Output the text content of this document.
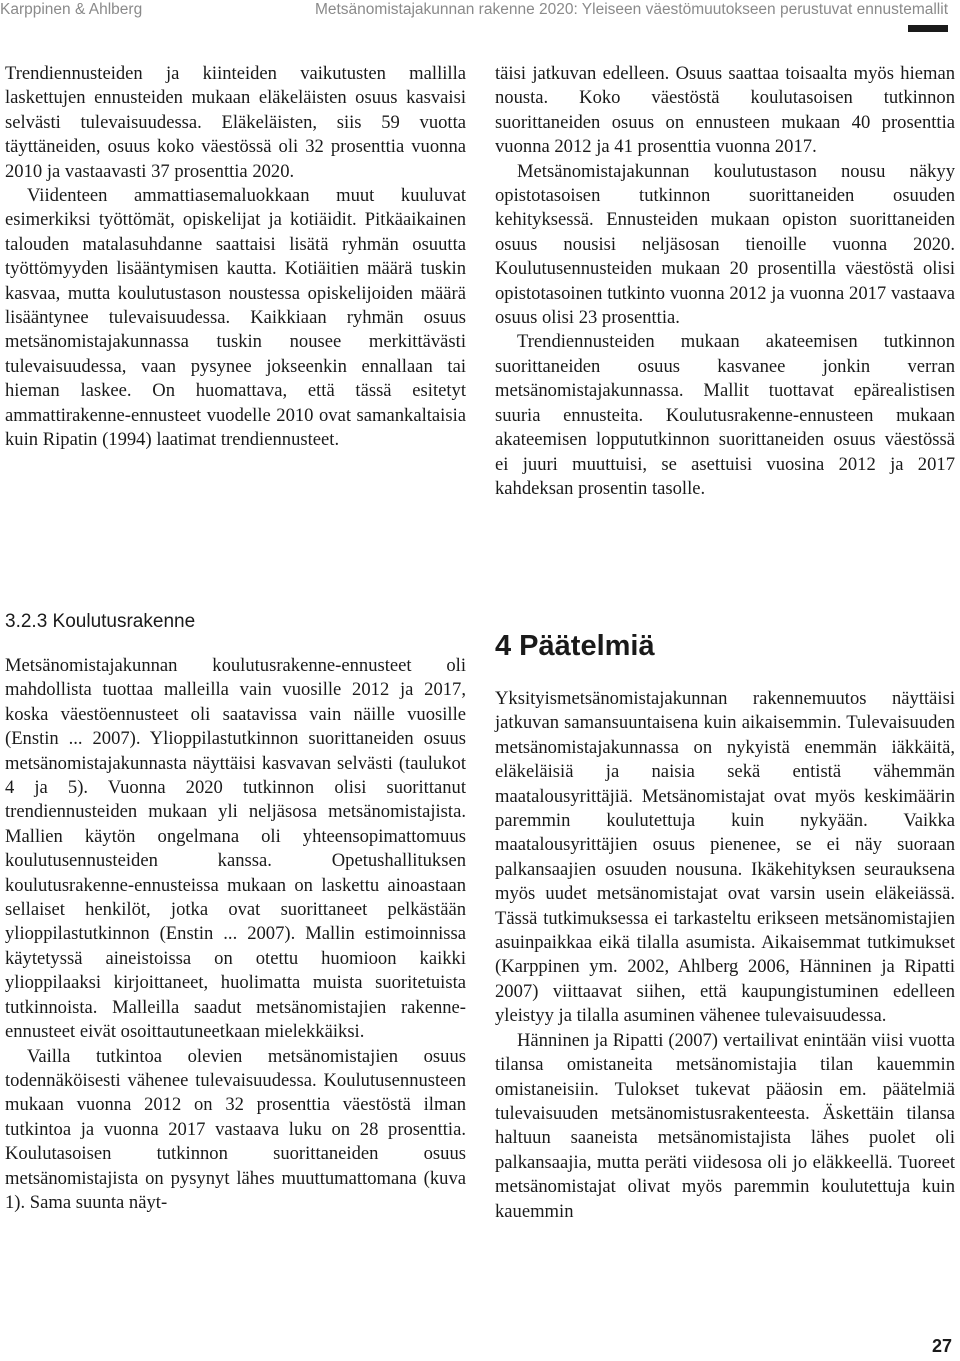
Karppinen & Ahlberg	Metsänomistajakunnan rakenne 2020: Yleiseen väestömuutokseen perustuvat ennustemallit

Trendiennusteiden ja kiinteiden vaikutusten mallilla laskettujen ennusteiden mukaan eläkeläisten osuus kasvaisi selvästi tulevaisuudessa. Eläkeläisten, siis 59 vuotta täyttäneiden, osuus koko väestössä oli 32 prosenttia vuonna 2010 ja vastaavasti 37 prosenttia 2020.

Viidenteen ammattiasemaluokkaan muut kuuluvat esimerkiksi työttömät, opiskelijat ja kotiäidit. Pitkäaikainen talouden matalasuhdanne saattaisi lisätä ryhmän osuutta työttömyyden lisääntymisen kautta. Kotiäitien määrä tuskin kasvaa, mutta koulutustason noustessa opiskelijoiden määrä lisääntynee tulevaisuudessa. Kaikkiaan ryhmän osuus metsänomistajakunnassa tuskin nousee merkittävästi tulevaisuudessa, vaan pysynee jokseenkin ennallaan tai hieman laskee. On huomattava, että tässä esitetyt ammattirakenne-ennusteet vuodelle 2010 ovat samankaltaisia kuin Ripatin (1994) laatimat trendiennusteet.

täisi jatkuvan edelleen. Osuus saattaa toisaalta myös hieman nousta. Koko väestöstä koulutasoisen tutkinnon suorittaneiden osuus on ennusteen mukaan 40 prosenttia vuonna 2012 ja 41 prosenttia vuonna 2017.

Metsänomistajakunnan koulutustason nousu näkyy opistotasoisen tutkinnon suorittaneiden osuuden kehityksessä. Ennusteiden mukaan opiston suorittaneiden osuus nousisi neljäsosan tienoille vuonna 2020. Koulutusennusteiden mukaan 20 prosentilla väestöstä olisi opistotasoinen tutkinto vuonna 2012 ja vuonna 2017 vastaava osuus olisi 23 prosenttia.

Trendiennusteiden mukaan akateemisen tutkinnon suorittaneiden osuus kasvanee jonkin verran metsänomistajakunnassa. Mallit tuottavat epärealistisen suuria ennusteita. Koulutusrakenne-ennusteen mukaan akateemisen loppututkinnon suorittaneiden osuus väestössä ei juuri muuttuisi, se asettuisi vuosina 2012 ja 2017 kahdeksan prosentin tasolle.

3.2.3 Koulutusrakenne

Metsänomistajakunnan koulutusrakenne-ennusteet oli mahdollista tuottaa malleilla vain vuosille 2012 ja 2017, koska väestöennusteet oli saatavissa vain näille vuosille (Enstin ... 2007). Ylioppilastutkinnon suorittaneiden osuus metsänomistajakunnasta näyttäisi kasvavan selvästi (taulukot 4 ja 5). Vuonna 2020 tutkinnon olisi suorittanut trendiennusteiden mukaan yli neljäsosa metsänomistajista. Mallien käytön ongelmana oli yhteensopimattomuus koulutusennusteiden kanssa. Opetushallituksen koulutusrakenne-ennusteissa mukaan on laskettu ainoastaan sellaiset henkilöt, jotka ovat suorittaneet pelkästään ylioppilastutkinnon (Enstin ... 2007). Mallin estimoinnissa käytetyssä aineistoissa on otettu huomioon kaikki ylioppilaaksi kirjoittaneet, huolimatta muista suoritetuista tutkinnoista. Malleilla saadut metsänomistajien rakenne-ennusteet eivät osoittautuneetkaan mielekkäiksi.

Vailla tutkintoa olevien metsänomistajien osuus todennäköisesti vähenee tulevaisuudessa. Koulutusennusteen mukaan vuonna 2012 on 32 prosenttia väestöstä ilman tutkintoa ja vuonna 2017 vastaava luku on 28 prosenttia. Koulutasoisen tutkinnon suorittaneiden osuus metsänomistajista on pysynyt lähes muuttumattomana (kuva 1). Sama suunta näyt-

4 Päätelmiä

Yksityismetsänomistajakunnan rakennemuutos näyttäisi jatkuvan samansuuntaisena kuin aikaisemmin. Tulevaisuuden metsänomistajakunnassa on nykyistä enemmän iäkkäitä, eläkeläisiä ja naisia sekä entistä vähemmän maatalousyrittäjiä. Metsänomistajat ovat myös keskimäärin paremmin koulutettuja kuin nykyään. Vaikka maatalousyrittäjien osuus pienenee, se ei näy suoraan palkansaajien osuuden nousuna. Ikäkehityksen seurauksena myös uudet metsänomistajat ovat varsin usein eläkeiässä. Tässä tutkimuksessa ei tarkasteltu erikseen metsänomistajien asuinpaikkaa eikä tilalla asumista. Aikaisemmat tutkimukset (Karppinen ym. 2002, Ahlberg 2006, Hänninen ja Ripatti 2007) viittaavat siihen, että kaupungistuminen edelleen yleistyy ja tilalla asuminen vähenee tulevaisuudessa.

Hänninen ja Ripatti (2007) vertailivat enintään viisi vuotta tilansa omistaneita metsänomistajia tilan kauemmin omistaneisiin. Tulokset tukevat pääosin em. päätelmiä tulevaisuuden metsänomistusrakenteesta. Äskettäin tilansa haltuun saaneista metsänomistajista lähes puolet oli palkansaajia, mutta peräti viidesosa oli jo eläkkeellä. Tuoreet metsänomistajat olivat myös paremmin koulutettuja kuin kauemmin

27
